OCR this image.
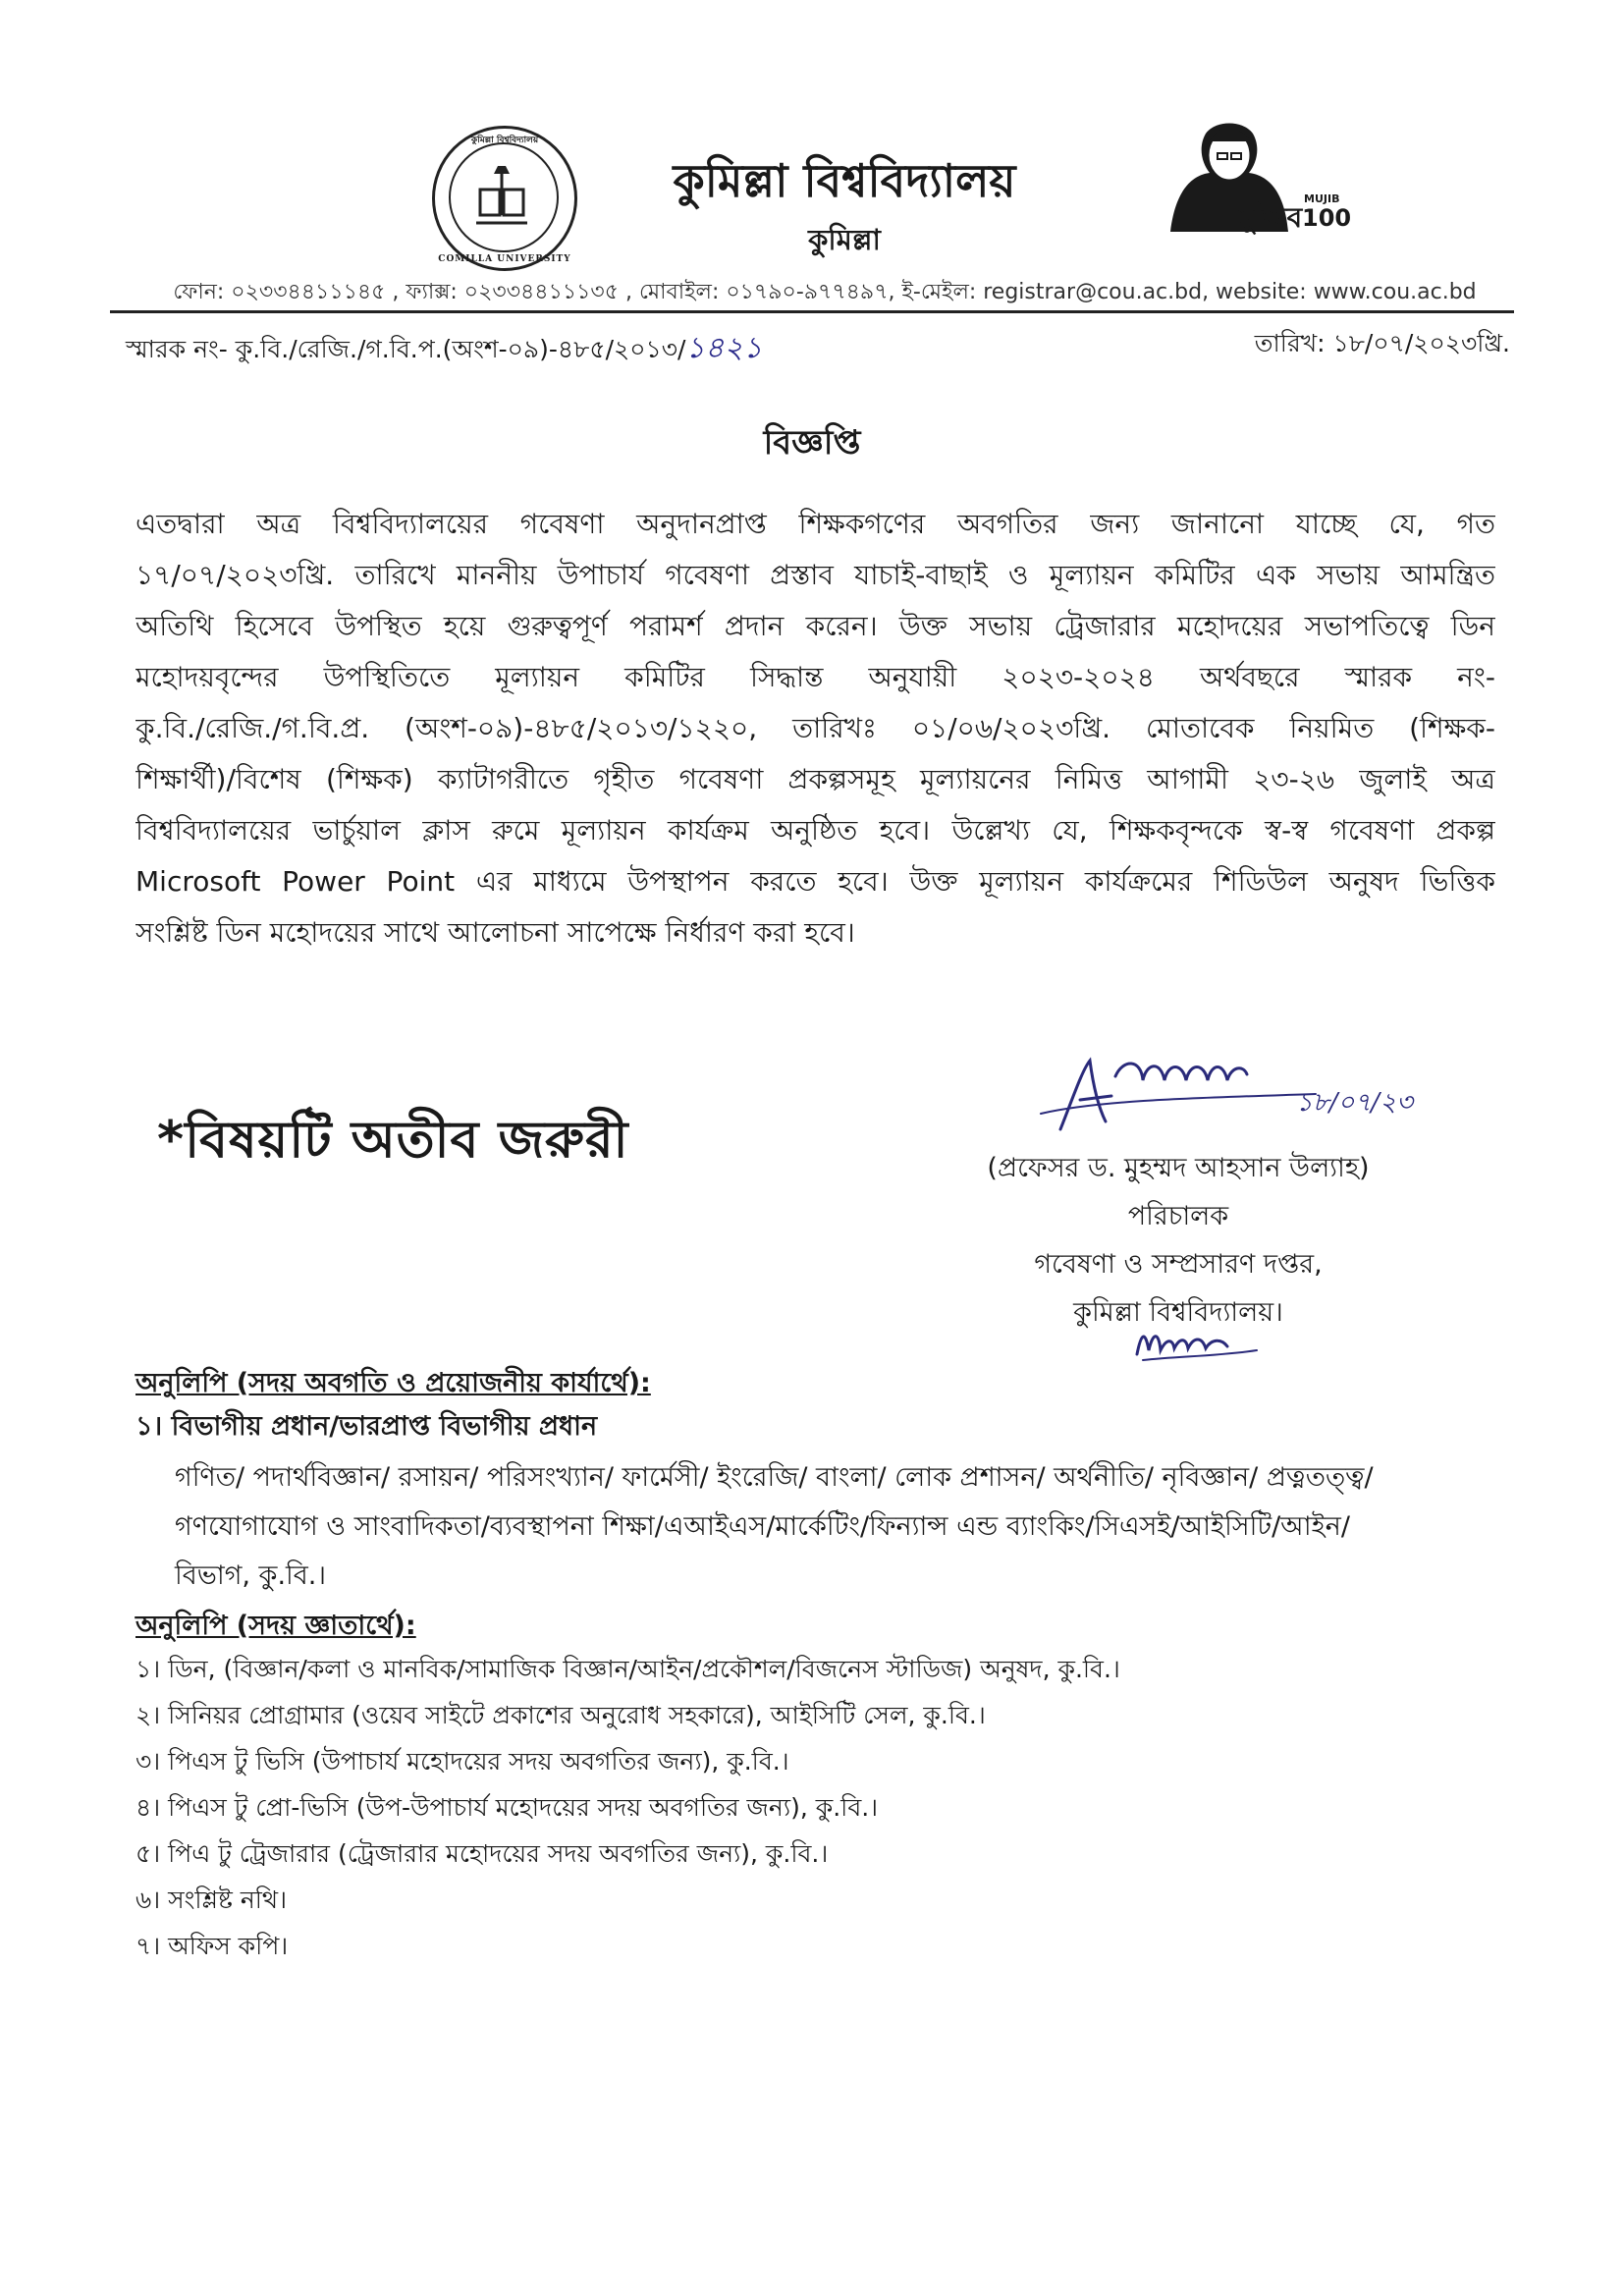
কুমিল্লা বিশ্ববিদ্যালয়
COMILLA UNIVERSITY
কুমিল্লা বিশ্ববিদ্যালয়
কুমিল্লা
মুজিব
MUJIB
100
ফোন: ০২৩৩৪৪১১১৪৫ , ফ্যাক্স: ০২৩৩৪৪১১১৩৫ , মোবাইল: ০১৭৯০-৯৭৭৪৯৭, ই-মেইল: registrar@cou.ac.bd, website: www.cou.ac.bd
স্মারক নং- কু.বি./রেজি./গ.বি.প.(অংশ-০৯)-৪৮৫/২০১৩/১৪২১	তারিখ: ১৮/০৭/২০২৩খ্রি.
বিজ্ঞপ্তি
এতদ্বারা অত্র বিশ্ববিদ্যালয়ের গবেষণা অনুদানপ্রাপ্ত শিক্ষকগণের অবগতির জন্য জানানো যাচ্ছে যে, গত
১৭/০৭/২০২৩খ্রি. তারিখে মাননীয় উপাচার্য গবেষণা প্রস্তাব যাচাই-বাছাই ও মূল্যায়ন কমিটির এক সভায় আমন্ত্রিত
অতিথি হিসেবে উপস্থিত হয়ে গুরুত্বপূর্ণ পরামর্শ প্রদান করেন। উক্ত সভায় ট্রেজারার মহোদয়ের সভাপতিত্বে ডিন
মহোদয়বৃন্দের উপস্থিতিতে মূল্যায়ন কমিটির সিদ্ধান্ত অনুযায়ী ২০২৩-২০২৪ অর্থবছরে স্মারক নং-
কু.বি./রেজি./গ.বি.প্র. (অংশ-০৯)-৪৮৫/২০১৩/১২২০, তারিখঃ ০১/০৬/২০২৩খ্রি. মোতাবেক নিয়মিত (শিক্ষক-
শিক্ষার্থী)/বিশেষ (শিক্ষক) ক্যাটাগরীতে গৃহীত গবেষণা প্রকল্পসমূহ মূল্যায়নের নিমিত্ত আগামী ২৩-২৬ জুলাই অত্র
বিশ্ববিদ্যালয়ের ভার্চুয়াল ক্লাস রুমে মূল্যায়ন কার্যক্রম অনুষ্ঠিত হবে। উল্লেখ্য যে, শিক্ষকবৃন্দকে স্ব-স্ব গবেষণা প্রকল্প
Microsoft Power Point এর মাধ্যমে উপস্থাপন করতে হবে। উক্ত মূল্যায়ন কার্যক্রমের শিডিউল অনুষদ ভিত্তিক
সংশ্লিষ্ট ডিন মহোদয়ের সাথে আলোচনা সাপেক্ষে নির্ধারণ করা হবে।
*বিষয়টি অতীব জরুরী
১৮/০৭/২৩
(প্রফেসর ড. মুহম্মদ আহসান উল্যাহ)
পরিচালক
গবেষণা ও সম্প্রসারণ দপ্তর,
কুমিল্লা বিশ্ববিদ্যালয়।
অনুলিপি (সদয় অবগতি ও প্রয়োজনীয় কার্যার্থে):
১। বিভাগীয় প্রধান/ভারপ্রাপ্ত বিভাগীয় প্রধান
গণিত/ পদার্থবিজ্ঞান/ রসায়ন/ পরিসংখ্যান/ ফার্মেসী/ ইংরেজি/ বাংলা/ লোক প্রশাসন/ অর্থনীতি/ নৃবিজ্ঞান/ প্রত্নতত্ত্ব/
গণযোগাযোগ ও সাংবাদিকতা/ব্যবস্থাপনা শিক্ষা/এআইএস/মার্কেটিং/ফিন্যান্স এন্ড ব্যাংকিং/সিএসই/আইসিটি/আইন/
বিভাগ, কু.বি.।
অনুলিপি (সদয় জ্ঞাতার্থে):
১। ডিন, (বিজ্ঞান/কলা ও মানবিক/সামাজিক বিজ্ঞান/আইন/প্রকৌশল/বিজনেস স্টাডিজ) অনুষদ, কু.বি.।
২। সিনিয়র প্রোগ্রামার (ওয়েব সাইটে প্রকাশের অনুরোধ সহকারে), আইসিটি সেল, কু.বি.।
৩। পিএস টু ভিসি (উপাচার্য মহোদয়ের সদয় অবগতির জন্য), কু.বি.।
৪। পিএস টু প্রো-ভিসি (উপ-উপাচার্য মহোদয়ের সদয় অবগতির জন্য), কু.বি.।
৫। পিএ টু ট্রেজারার (ট্রেজারার মহোদয়ের সদয় অবগতির জন্য), কু.বি.।
৬। সংশ্লিষ্ট নথি।
৭। অফিস কপি।
